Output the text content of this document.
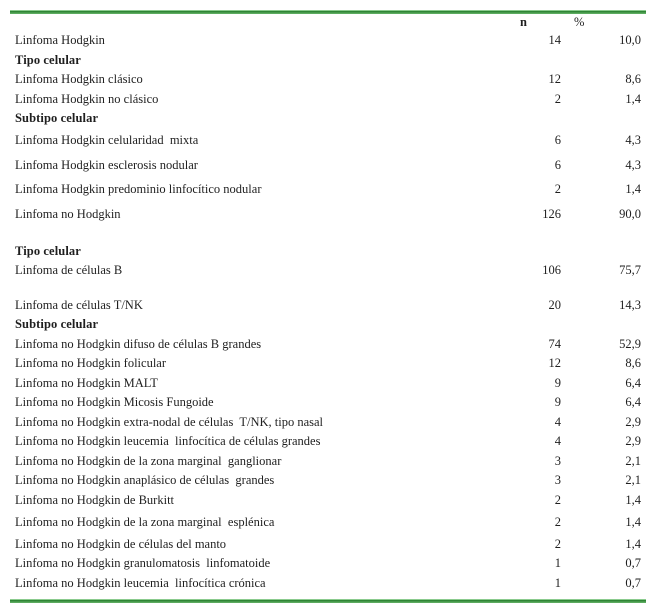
	n	%
Linfoma Hodgkin	14	10,0
Tipo celular		
Linfoma Hodgkin clásico	12	8,6
Linfoma Hodgkin no clásico	2	1,4
Subtipo celular		
Linfoma Hodgkin celularidad  mixta	6	4,3
Linfoma Hodgkin esclerosis nodular	6	4,3
Linfoma Hodgkin predominio linfocítico nodular	2	1,4
Linfoma no Hodgkin	126	90,0

Tipo celular		
Linfoma de células B	106	75,7

Linfoma de células T/NK	20	14,3
Subtipo celular		
Linfoma no Hodgkin difuso de células B grandes	74	52,9
Linfoma no Hodgkin folicular	12	8,6
Linfoma no Hodgkin MALT	9	6,4
Linfoma no Hodgkin Micosis Fungoide	9	6,4
Linfoma no Hodgkin extra-nodal de células  T/NK, tipo nasal	4	2,9
Linfoma no Hodgkin leucemia  linfocítica de células grandes	4	2,9
Linfoma no Hodgkin de la zona marginal  ganglionar	3	2,1
Linfoma no Hodgkin anaplásico de células  grandes	3	2,1
Linfoma no Hodgkin de Burkitt	2	1,4
Linfoma no Hodgkin de la zona marginal  esplénica	2	1,4
Linfoma no Hodgkin de células del manto	2	1,4
Linfoma no Hodgkin granulomatosis  linfomatoide	1	0,7
Linfoma no Hodgkin leucemia  linfocítica crónica	1	0,7
